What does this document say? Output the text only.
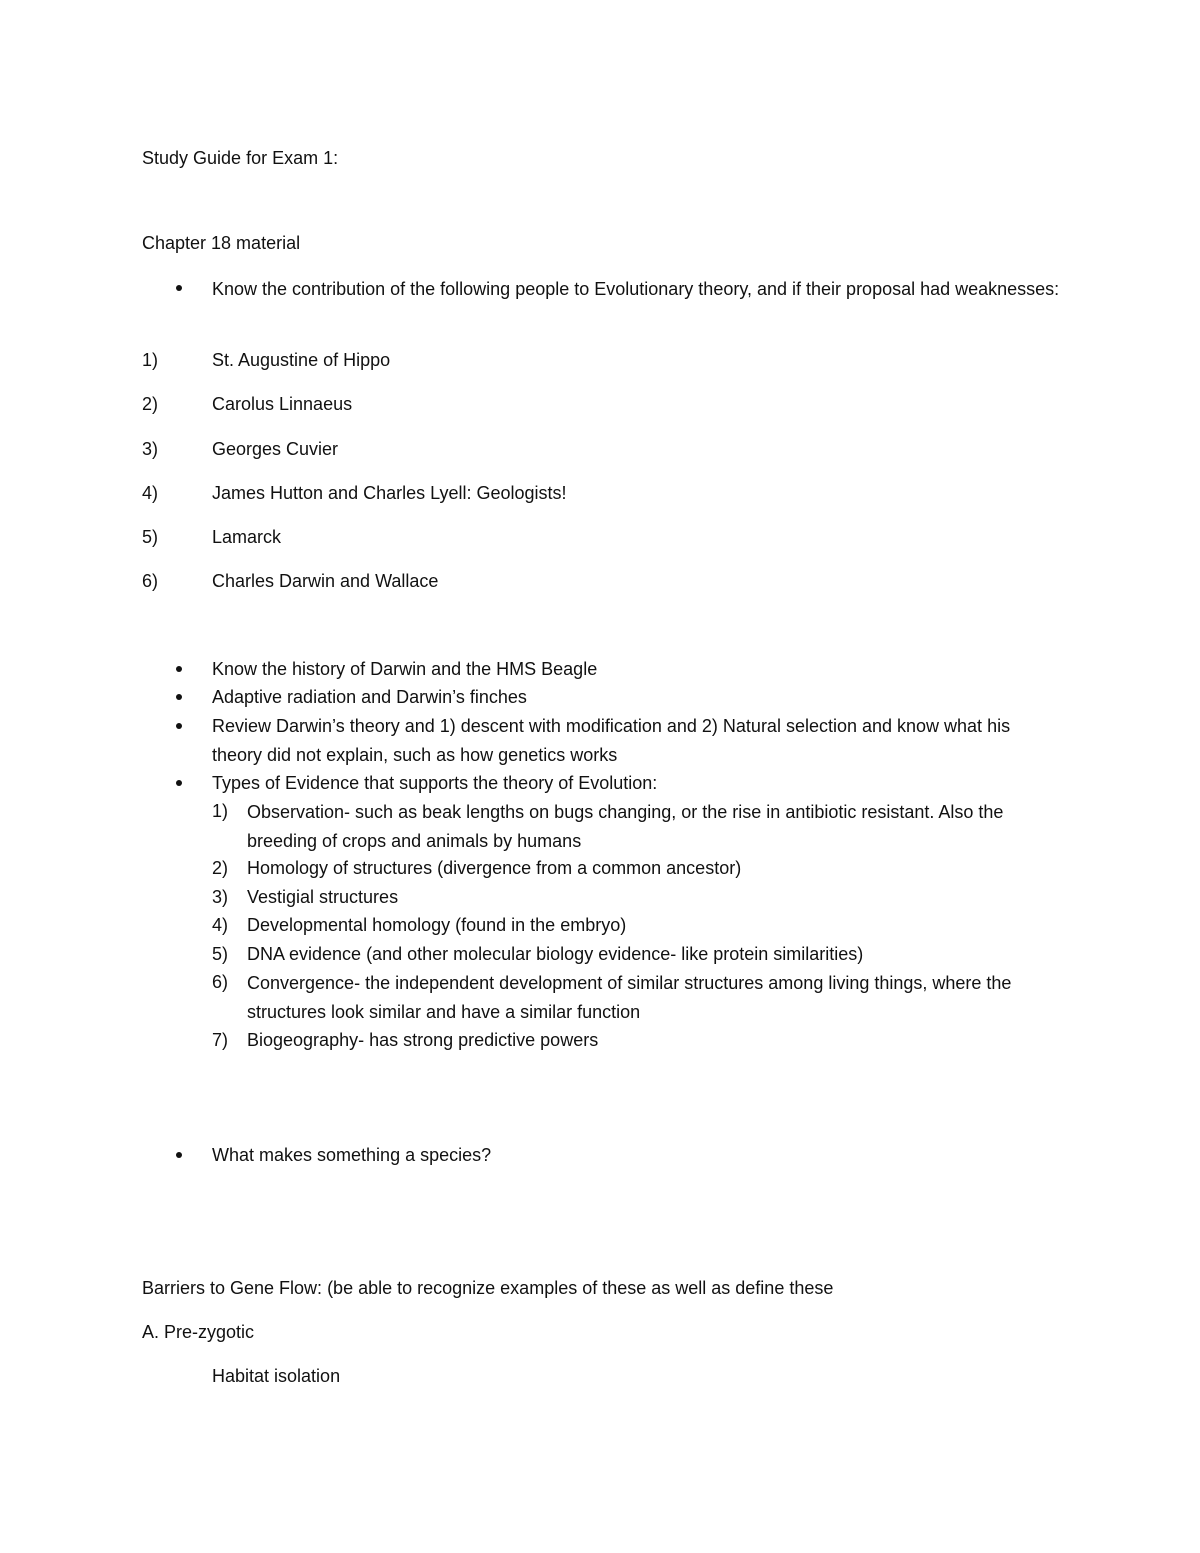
Study Guide for Exam 1:
Chapter 18 material
Know the contribution of the following people to Evolutionary theory, and if their proposal had weaknesses:
1)	St. Augustine of Hippo
2)	Carolus Linnaeus
3)	Georges Cuvier
4)	James Hutton and Charles Lyell: Geologists!
5)	Lamarck
6)	Charles Darwin and Wallace
Know the history of Darwin and the HMS Beagle
Adaptive radiation and Darwin’s finches
Review Darwin’s theory and 1) descent with modification and 2) Natural selection and know what his theory did not explain, such as how genetics works
Types of Evidence that supports the theory of Evolution:
1) Observation- such as beak lengths on bugs changing, or the rise in antibiotic resistant. Also the breeding of crops and animals by humans
2) Homology of structures (divergence from a common ancestor)
3) Vestigial structures
4) Developmental homology (found in the embryo)
5) DNA evidence (and other molecular biology evidence- like protein similarities)
6) Convergence- the independent development of similar structures among living things, where the structures look similar and have a similar function
7) Biogeography- has strong predictive powers
What makes something a species?
Barriers to Gene Flow: (be able to recognize examples of these as well as define these
A. Pre-zygotic
Habitat isolation
